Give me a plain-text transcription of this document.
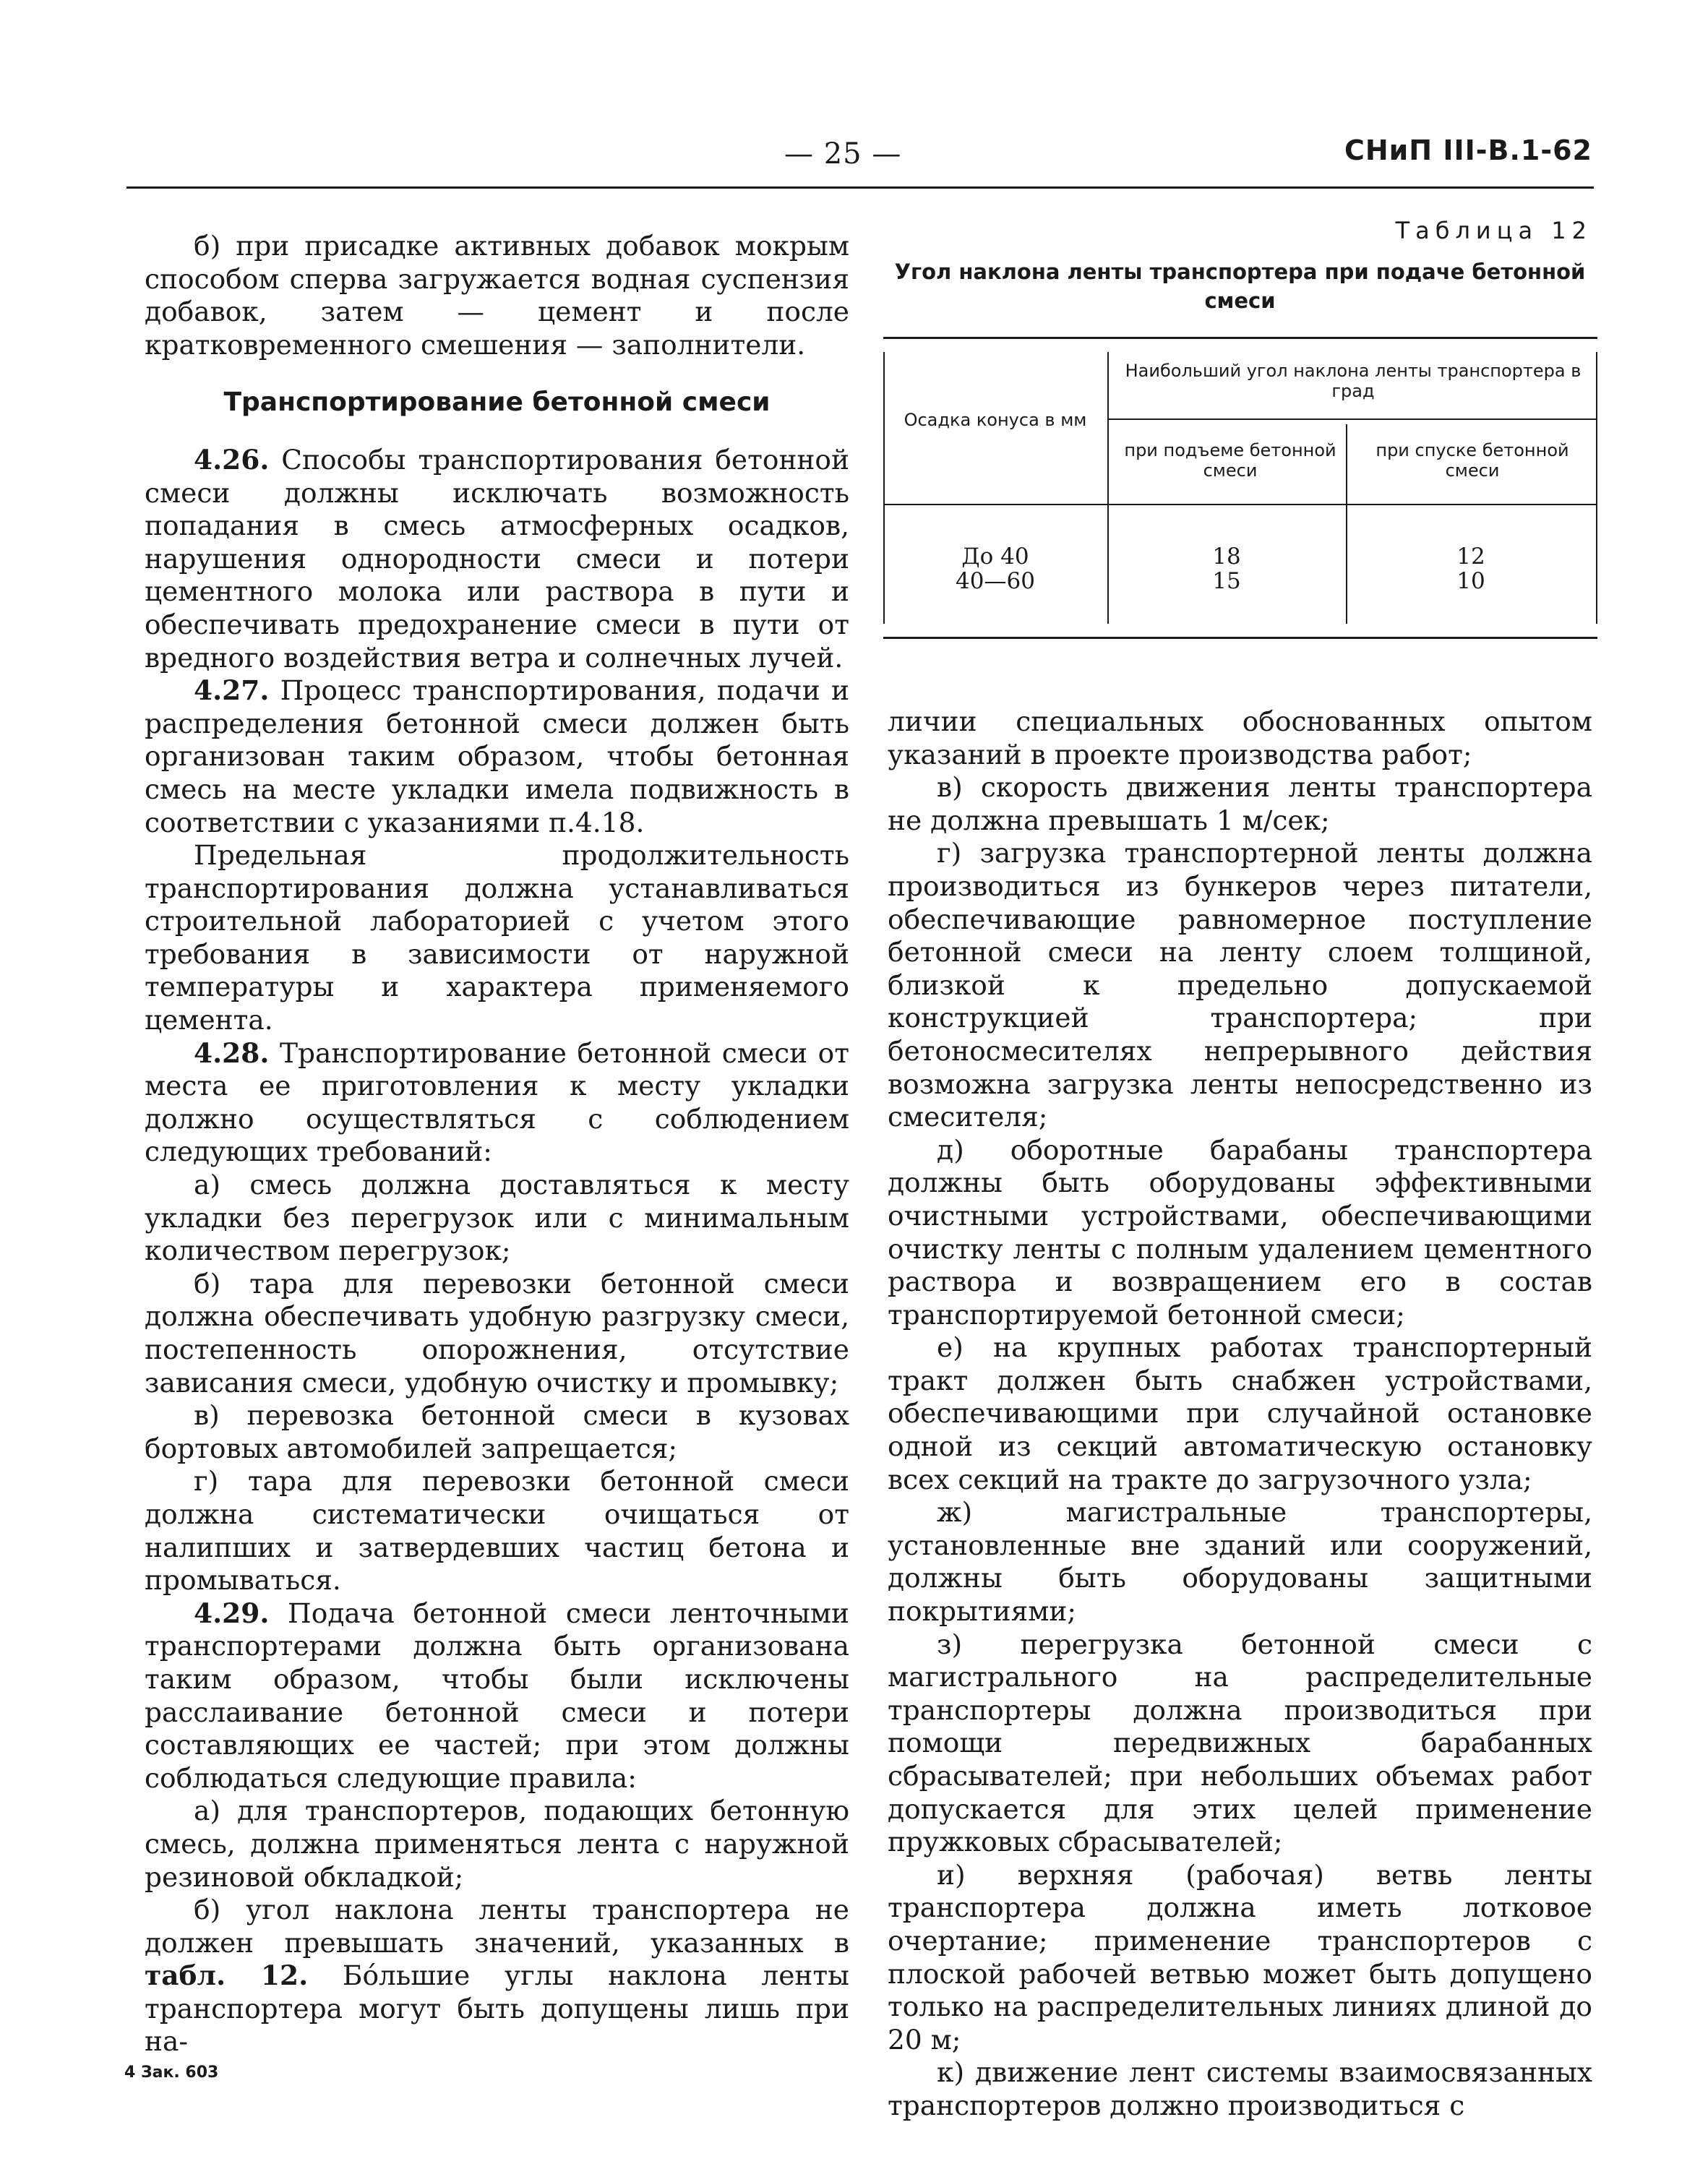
— 25 —	СНиП III-В.1-62

б) при присадке активных добавок мокрым способом сперва загружается водная суспензия добавок, затем — цемент и после кратковременного смешения — заполнители.

Транспортирование бетонной смеси

4.26. Способы транспортирования бетонной смеси должны исключать возможность попадания в смесь атмосферных осадков, нарушения однородности смеси и потери цементного молока или раствора в пути и обеспечивать предохранение смеси в пути от вредного воздействия ветра и солнечных лучей.

4.27. Процесс транспортирования, подачи и распределения бетонной смеси должен быть организован таким образом, чтобы бетонная смесь на месте укладки имела подвижность в соответствии с указаниями п.4.18.

Предельная продолжительность транспортирования должна устанавливаться строительной лабораторией с учетом этого требования в зависимости от наружной температуры и характера применяемого цемента.

4.28. Транспортирование бетонной смеси от места ее приготовления к месту укладки должно осуществляться с соблюдением следующих требований:

а) смесь должна доставляться к месту укладки без перегрузок или с минимальным количеством перегрузок;

б) тара для перевозки бетонной смеси должна обеспечивать удобную разгрузку смеси, постепенность опорожнения, отсутствие зависания смеси, удобную очистку и промывку;

в) перевозка бетонной смеси в кузовах бортовых автомобилей запрещается;

г) тара для перевозки бетонной смеси должна систематически очищаться от налипших и затвердевших частиц бетона и промываться.

4.29. Подача бетонной смеси ленточными транспортерами должна быть организована таким образом, чтобы были исключены расслаивание бетонной смеси и потери составляющих ее частей; при этом должны соблюдаться следующие правила:

а) для транспортеров, подающих бетонную смесь, должна применяться лента с наружной резиновой обкладкой;

б) угол наклона ленты транспортера не должен превышать значений, указанных в табл. 12. Бо́льшие углы наклона ленты транспортера могут быть допущены лишь при на-

Таблица 12
Угол наклона ленты транспортера при подаче бетонной смеси
Осадка конуса в мм
Наибольший угол наклона ленты транспортера в град
при подъеме бетонной смеси
при спуске бетонной смеси
До 40	18	12
40—60	15	10

личии специальных обоснованных опытом указаний в проекте производства работ;

в) скорость движения ленты транспортера не должна превышать 1 м/сек;

г) загрузка транспортерной ленты должна производиться из бункеров через питатели, обеспечивающие равномерное поступление бетонной смеси на ленту слоем толщиной, близкой к предельно допускаемой конструкцией транспортера; при бетоносмесителях непрерывного действия возможна загрузка ленты непосредственно из смесителя;

д) оборотные барабаны транспортера должны быть оборудованы эффективными очистными устройствами, обеспечивающими очистку ленты с полным удалением цементного раствора и возвращением его в состав транспортируемой бетонной смеси;

е) на крупных работах транспортерный тракт должен быть снабжен устройствами, обеспечивающими при случайной остановке одной из секций автоматическую остановку всех секций на тракте до загрузочного узла;

ж) магистральные транспортеры, установленные вне зданий или сооружений, должны быть оборудованы защитными покрытиями;

з) перегрузка бетонной смеси с магистрального на распределительные транспортеры должна производиться при помощи передвижных барабанных сбрасывателей; при небольших объемах работ допускается для этих целей применение пружковых сбрасывателей;

и) верхняя (рабочая) ветвь ленты транспортера должна иметь лотковое очертание; применение транспортеров с плоской рабочей ветвью может быть допущено только на распределительных линиях длиной до 20 м;

к) движение лент системы взаимосвязанных транспортеров должно производиться с

4 Зак. 603
